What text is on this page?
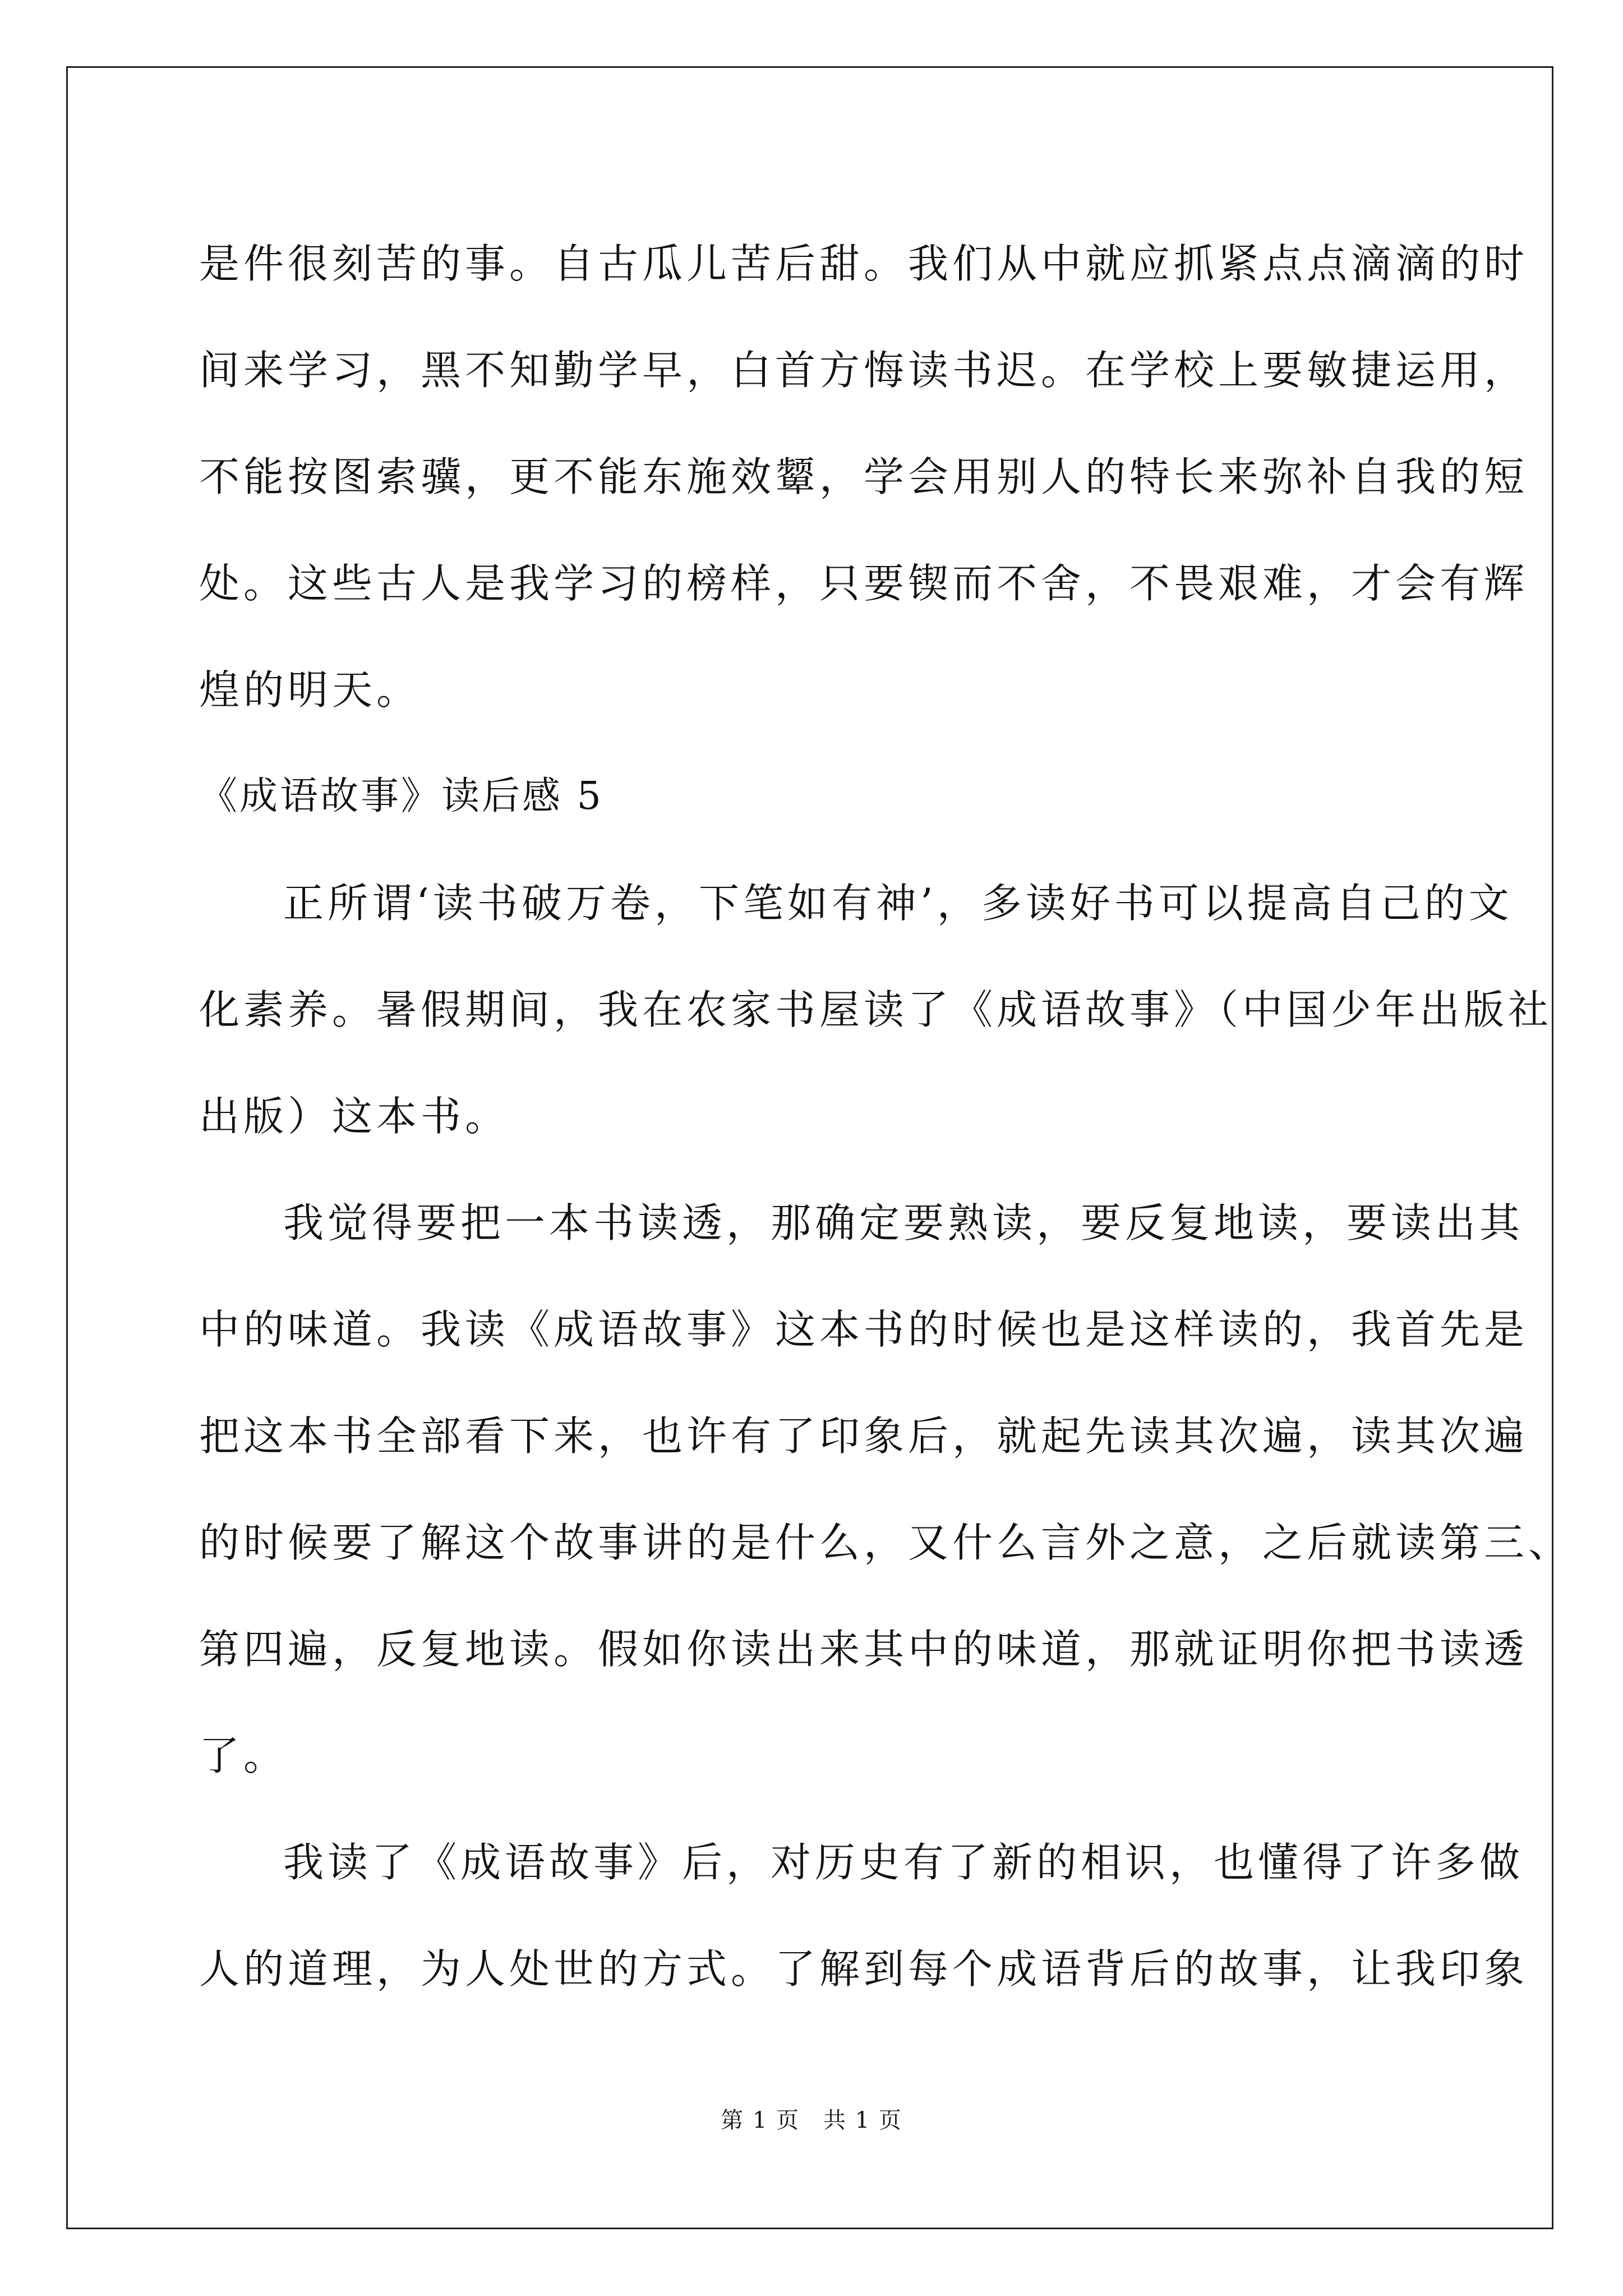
是件很刻苦的事。自古瓜儿苦后甜。我们从中就应抓紧点点滴滴的时
间来学习，黑不知勤学早，白首方悔读书迟。在学校上要敏捷运用，
不能按图索骥，更不能东施效颦，学会用别人的特长来弥补自我的短
处。这些古人是我学习的榜样，只要锲而不舍，不畏艰难，才会有辉
煌的明天。
《成语故事》读后感 5
正所谓‘读书破万卷，下笔如有神’，多读好书可以提高自己的文
化素养。暑假期间，我在农家书屋读了《成语故事》（中国少年出版社
出版）这本书。
我觉得要把一本书读透，那确定要熟读，要反复地读，要读出其
中的味道。我读《成语故事》这本书的时候也是这样读的，我首先是
把这本书全部看下来，也许有了印象后，就起先读其次遍，读其次遍
的时候要了解这个故事讲的是什么，又什么言外之意，之后就读第三、
第四遍，反复地读。假如你读出来其中的味道，那就证明你把书读透
了。
我读了《成语故事》后，对历史有了新的相识，也懂得了许多做
人的道理，为人处世的方式。了解到每个成语背后的故事，让我印象
第 1 页　共 1 页
